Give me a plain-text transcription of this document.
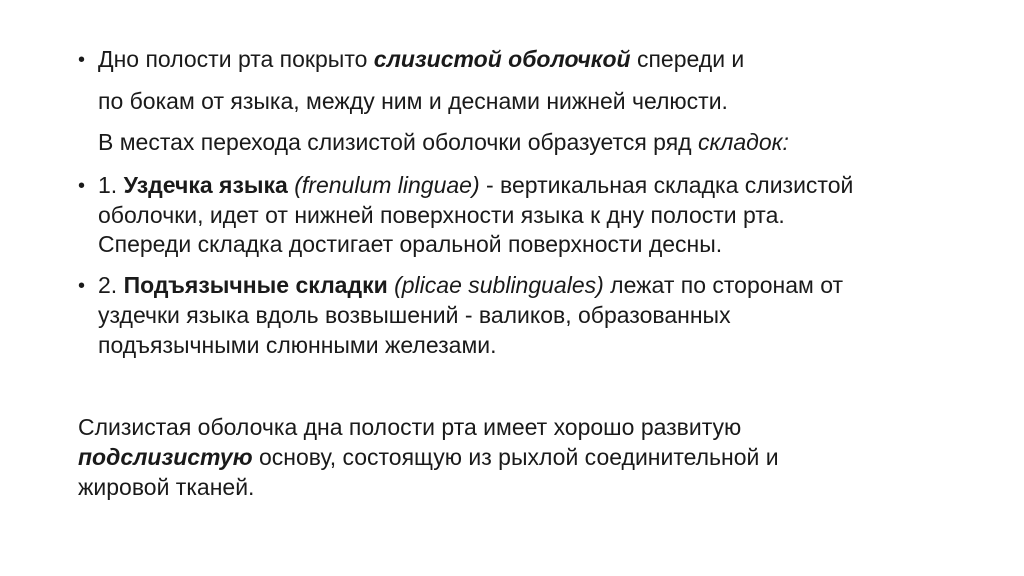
• Дно полости рта покрыто слизистой оболочкой спереди и
по бокам от языка, между ним и деснами нижней челюсти.
В местах перехода слизистой оболочки образуется ряд складок:
• 1. Уздечка языка (frenulum linguae) - вертикальная складка слизистой
оболочки, идет от нижней поверхности языка к дну полости рта.
Спереди складка достигает оральной поверхности десны.
• 2. Подъязычные складки (plicae sublinguales) лежат по сторонам от
уздечки языка вдоль возвышений - валиков, образованных
подъязычными слюнными железами.
Слизистая оболочка дна полости рта имеет хорошо развитую
подслизистую основу, состоящую из рыхлой соединительной и
жировой тканей.
